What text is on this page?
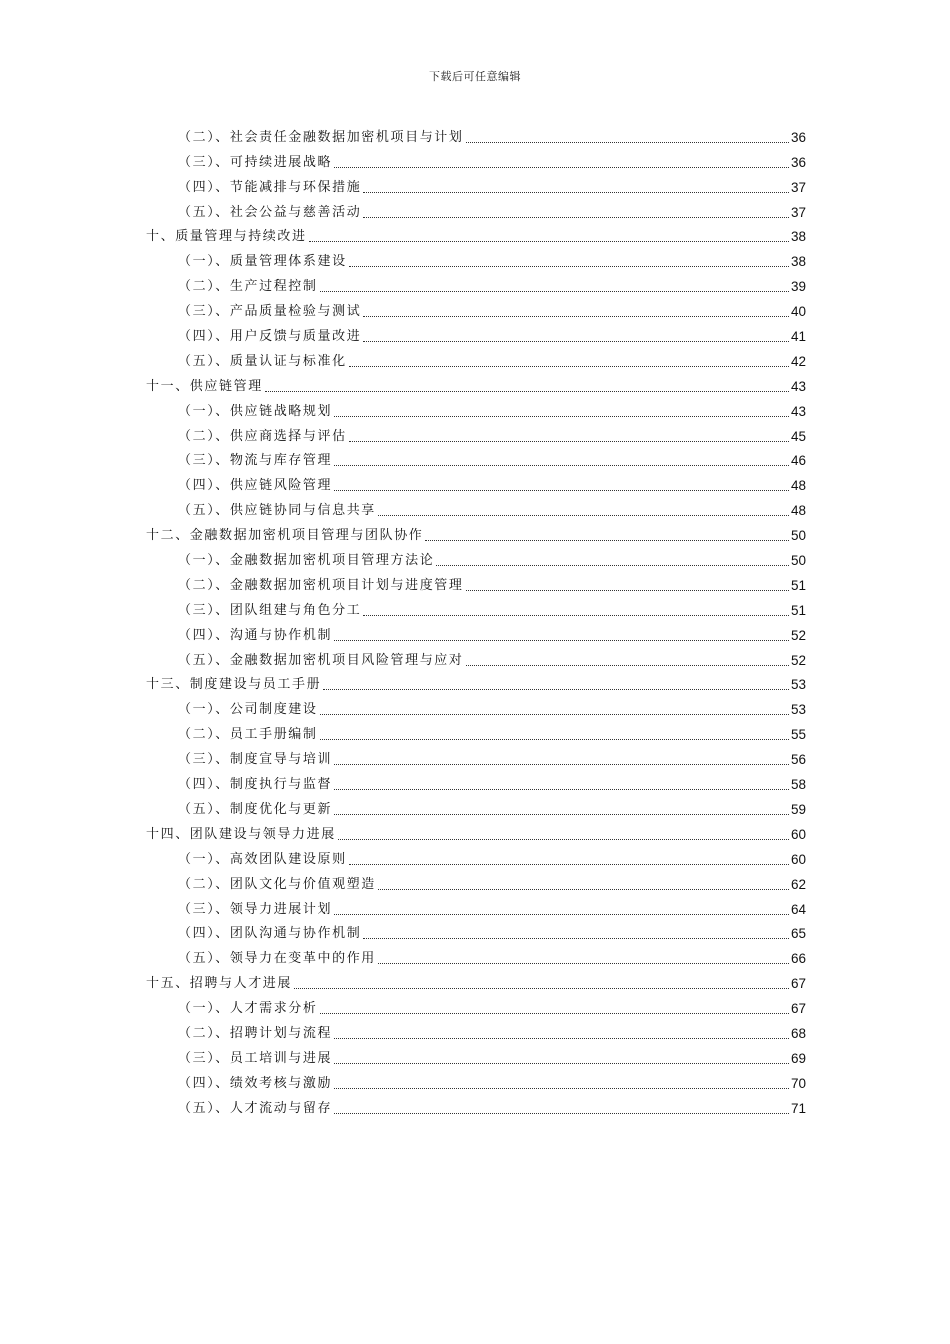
下载后可任意编辑
（二）、社会责任金融数据加密机项目与计划	36
（三）、可持续进展战略	36
（四）、节能减排与环保措施	37
（五）、社会公益与慈善活动	37
十、质量管理与持续改进	38
（一）、质量管理体系建设	38
（二）、生产过程控制	39
（三）、产品质量检验与测试	40
（四）、用户反馈与质量改进	41
（五）、质量认证与标准化	42
十一、供应链管理	43
（一）、供应链战略规划	43
（二）、供应商选择与评估	45
（三）、物流与库存管理	46
（四）、供应链风险管理	48
（五）、供应链协同与信息共享	48
十二、金融数据加密机项目管理与团队协作	50
（一）、金融数据加密机项目管理方法论	50
（二）、金融数据加密机项目计划与进度管理	51
（三）、团队组建与角色分工	51
（四）、沟通与协作机制	52
（五）、金融数据加密机项目风险管理与应对	52
十三、制度建设与员工手册	53
（一）、公司制度建设	53
（二）、员工手册编制	55
（三）、制度宣导与培训	56
（四）、制度执行与监督	58
（五）、制度优化与更新	59
十四、团队建设与领导力进展	60
（一）、高效团队建设原则	60
（二）、团队文化与价值观塑造	62
（三）、领导力进展计划	64
（四）、团队沟通与协作机制	65
（五）、领导力在变革中的作用	66
十五、招聘与人才进展	67
（一）、人才需求分析	67
（二）、招聘计划与流程	68
（三）、员工培训与进展	69
（四）、绩效考核与激励	70
（五）、人才流动与留存	71
